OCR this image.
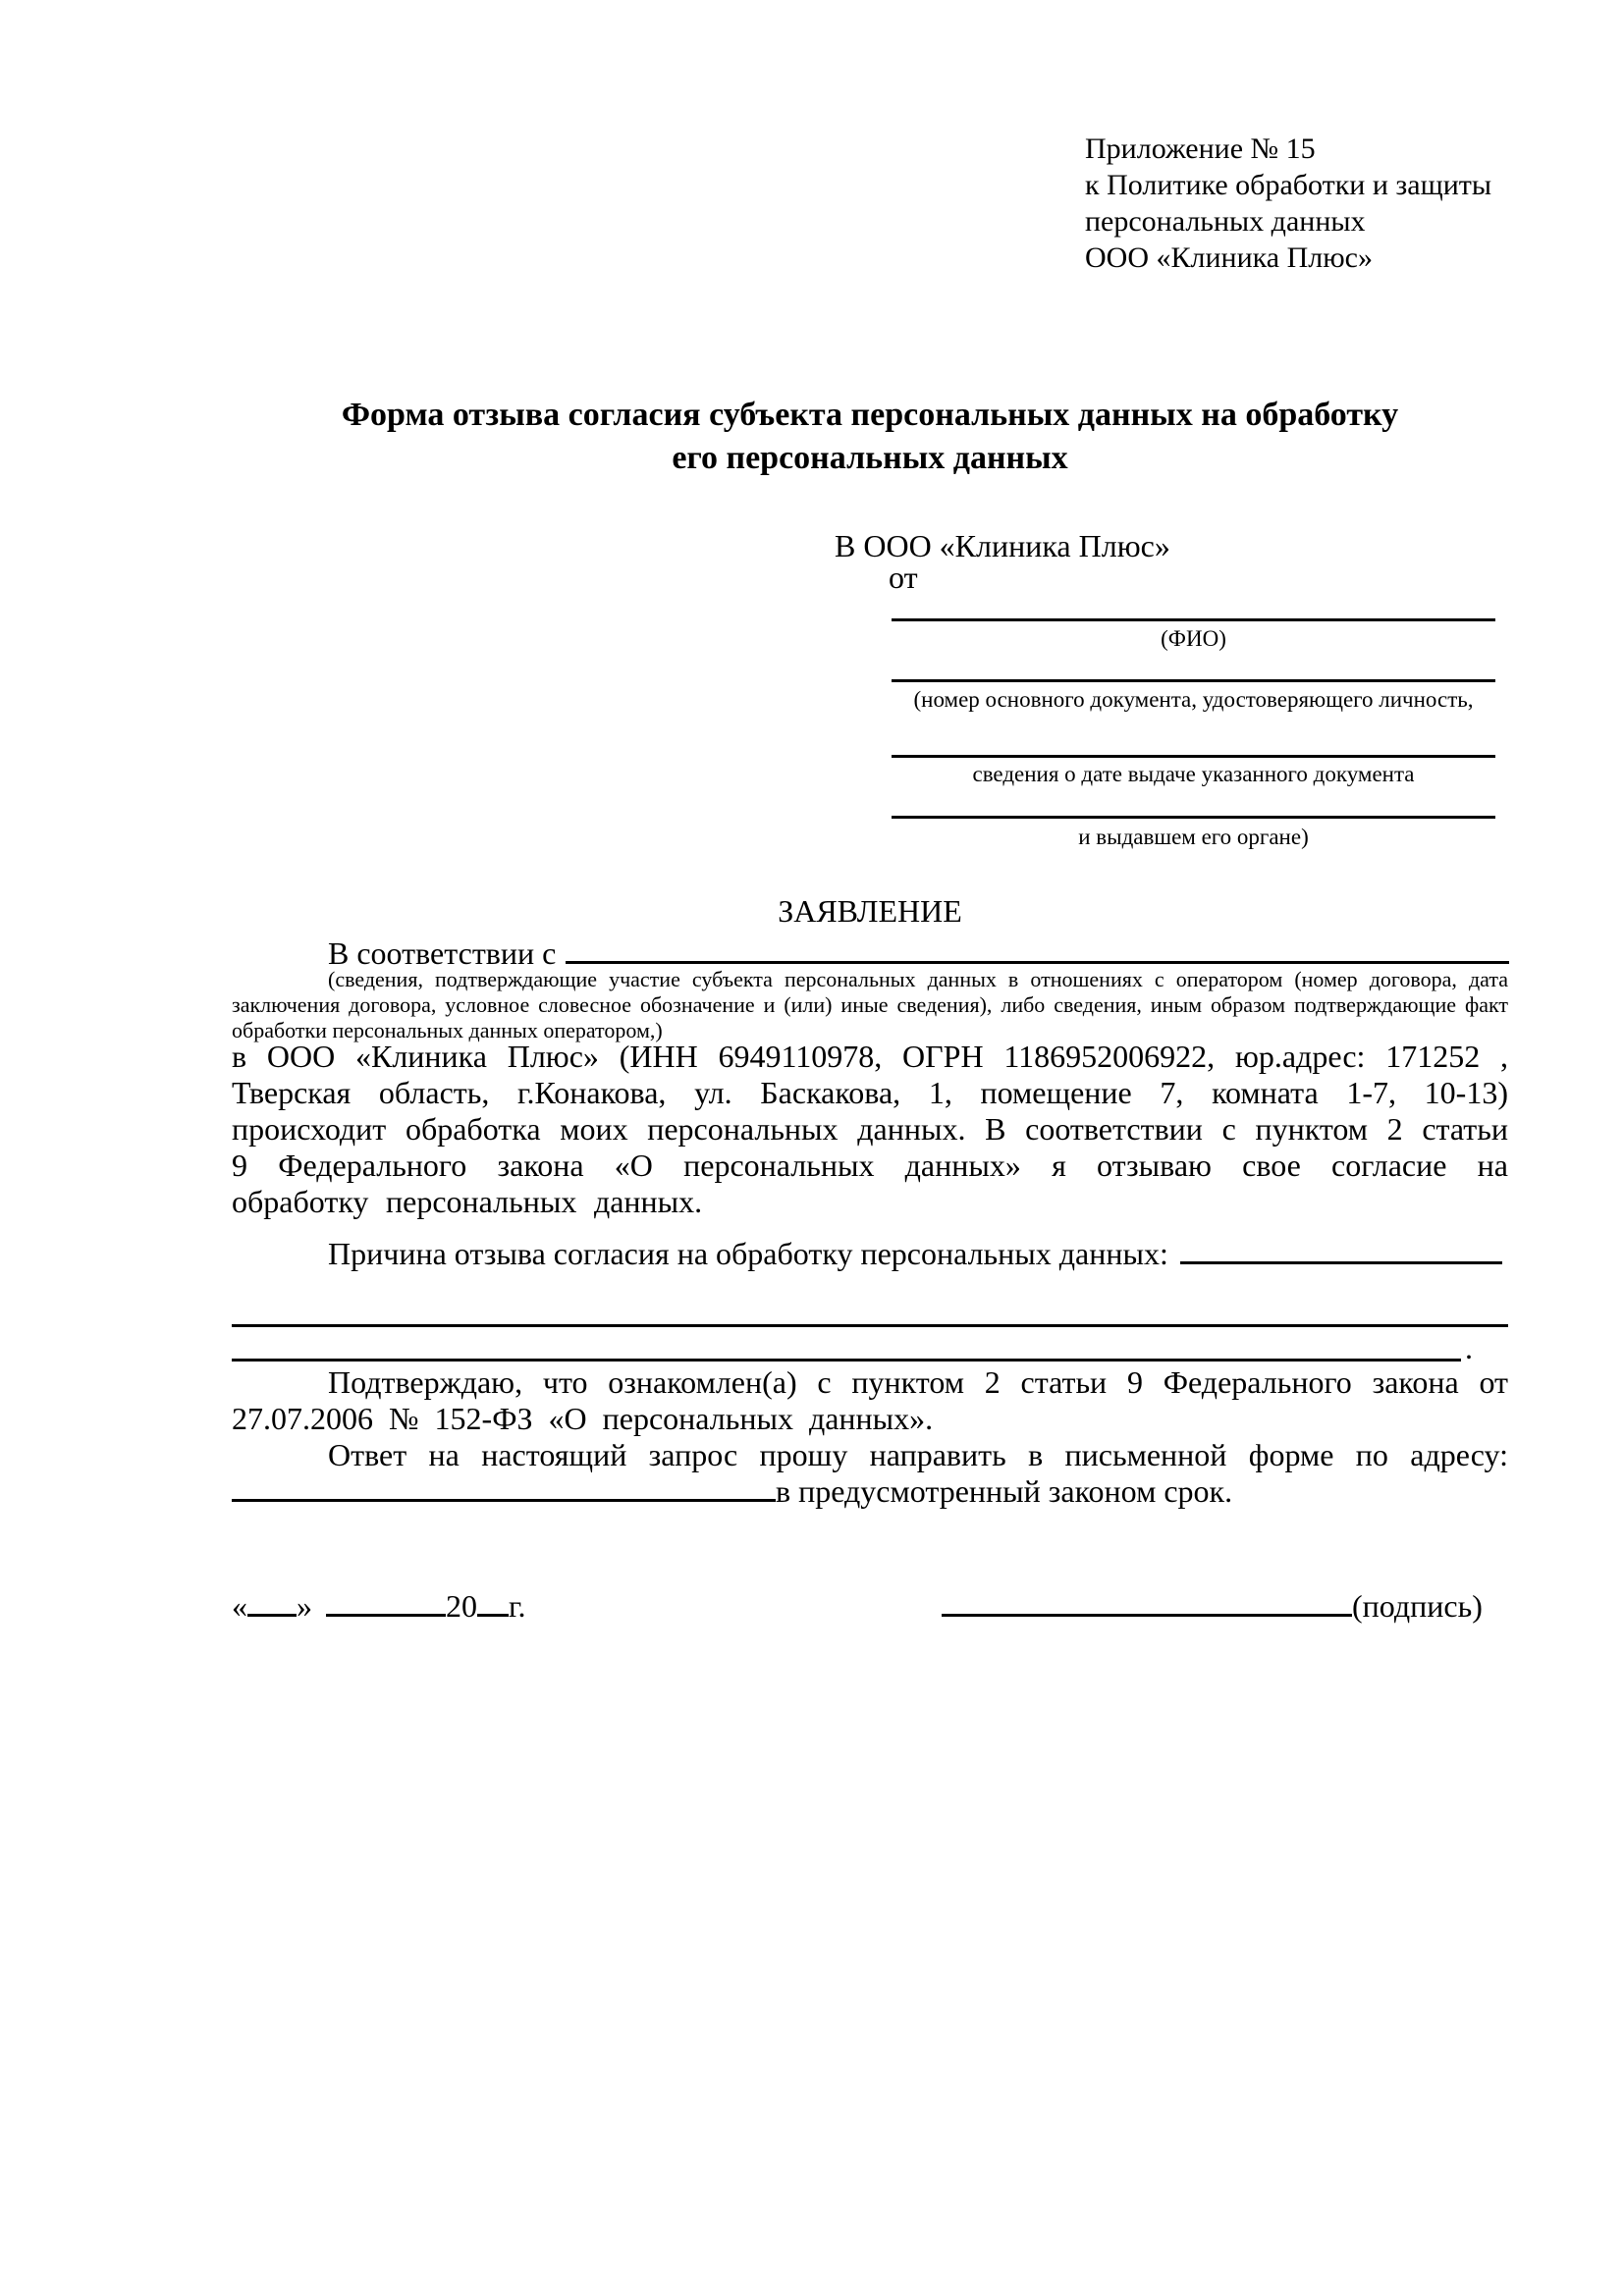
Приложение № 15
к Политике обработки и защиты
персональных данных
ООО «Клиника Плюс»
Форма отзыва согласия субъекта персональных данных на обработку
его персональных данных
В ООО «Клиника Плюс»
от
(ФИО)
(номер основного документа, удостоверяющего личность,
сведения о дате выдаче указанного документа
и выдавшем его органе)
ЗАЯВЛЕНИЕ
В соответствии с
(сведения, подтверждающие участие субъекта персональных данных в отношениях с оператором (номер договора, дата заключения договора, условное словесное обозначение и (или) иные сведения), либо сведения, иным образом подтверждающие факт обработки персональных данных оператором,)
в ООО «Клиника Плюс» (ИНН 6949110978, ОГРН 1186952006922, юр.адрес: 171252 , Тверская область, г.Конакова, ул. Баскакова, 1, помещение 7, комната 1-7, 10-13) происходит обработка моих персональных данных. В соответствии с пунктом 2 статьи 9 Федерального закона «О персональных данных» я отзываю свое согласие на обработку персональных данных.
Причина отзыва согласия на обработку персональных данных:
.
Подтверждаю, что ознакомлен(а) с пунктом 2 статьи 9 Федерального закона от 27.07.2006 № 152-ФЗ «О персональных данных».
Ответ на настоящий запрос прошу направить в письменной форме по адресу:
в предусмотренный законом срок.
« »	20 г.	(подпись)
